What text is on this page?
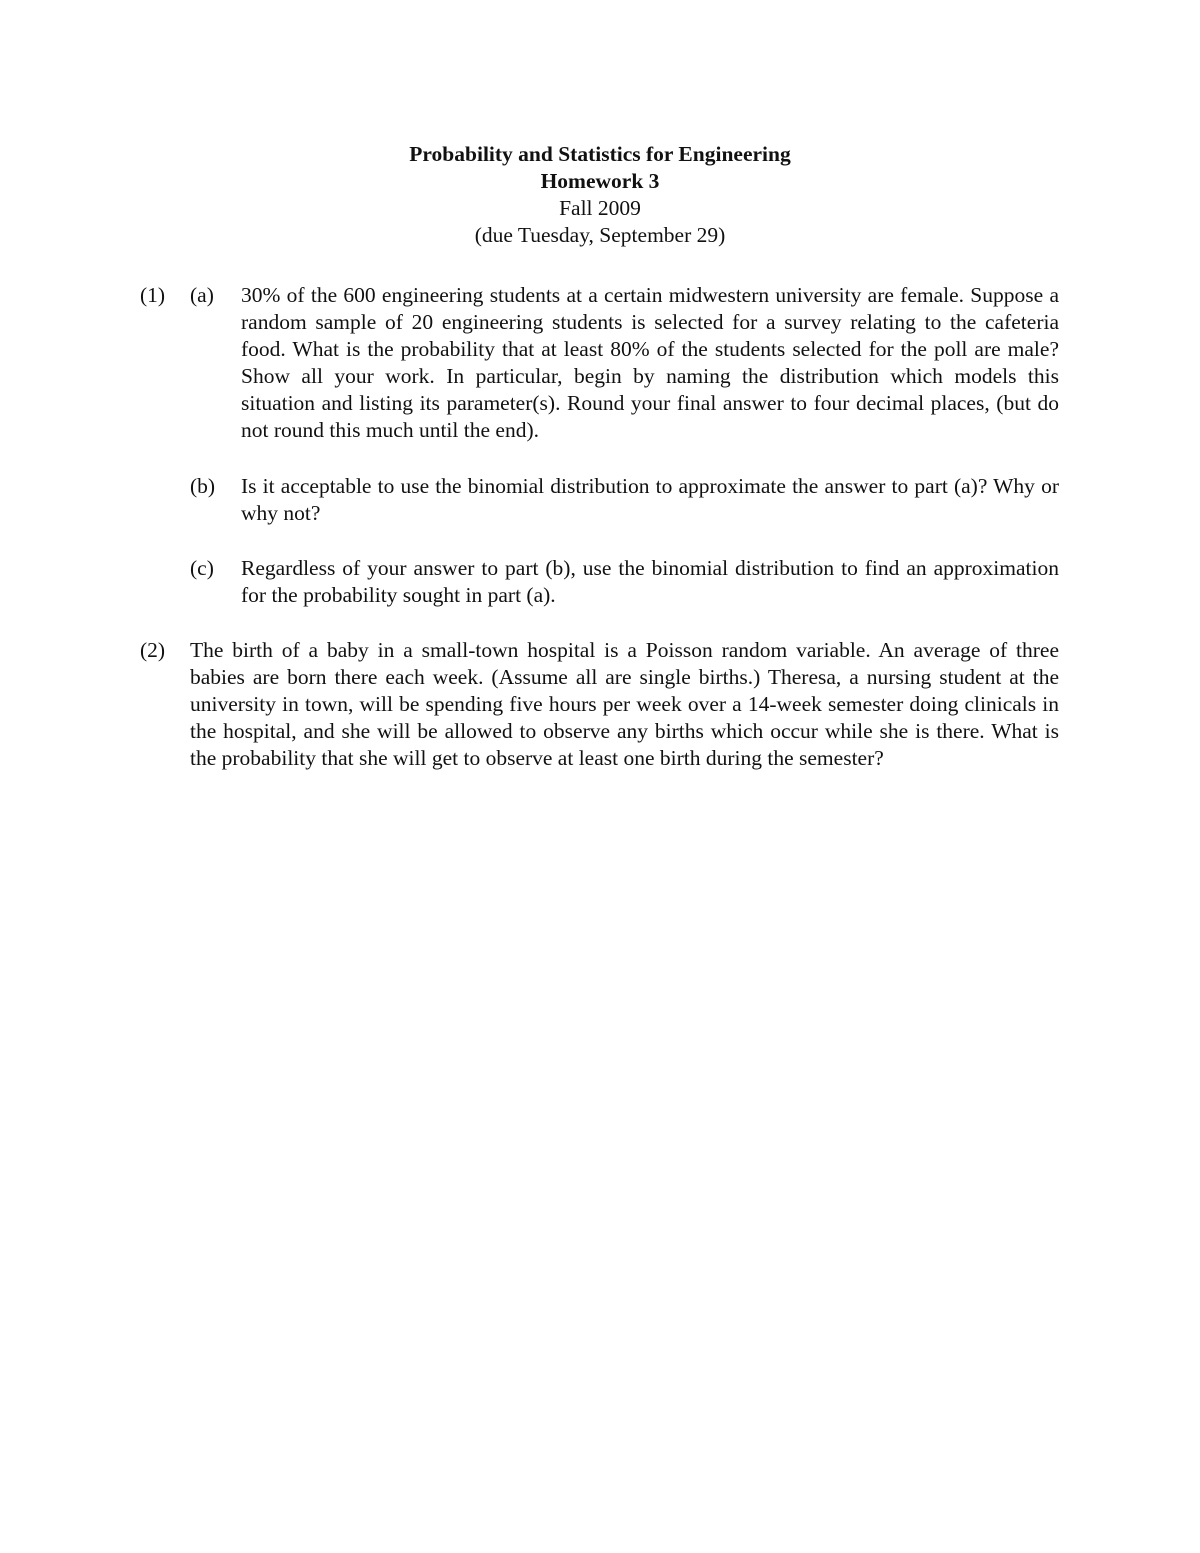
Probability and Statistics for Engineering
Homework 3
Fall 2009
(due Tuesday, September 29)
(1) (a) 30% of the 600 engineering students at a certain midwestern university are female. Suppose a random sample of 20 engineering students is selected for a survey relating to the cafeteria food. What is the probability that at least 80% of the students selected for the poll are male? Show all your work. In particular, begin by naming the distribution which models this situation and listing its parameter(s). Round your final answer to four decimal places, (but do not round this much until the end).
(b) Is it acceptable to use the binomial distribution to approximate the answer to part (a)? Why or why not?
(c) Regardless of your answer to part (b), use the binomial distribution to find an approximation for the probability sought in part (a).
(2) The birth of a baby in a small-town hospital is a Poisson random variable. An average of three babies are born there each week. (Assume all are single births.) Theresa, a nursing student at the university in town, will be spending five hours per week over a 14-week semester doing clinicals in the hospital, and she will be allowed to observe any births which occur while she is there. What is the probability that she will get to observe at least one birth during the semester?
